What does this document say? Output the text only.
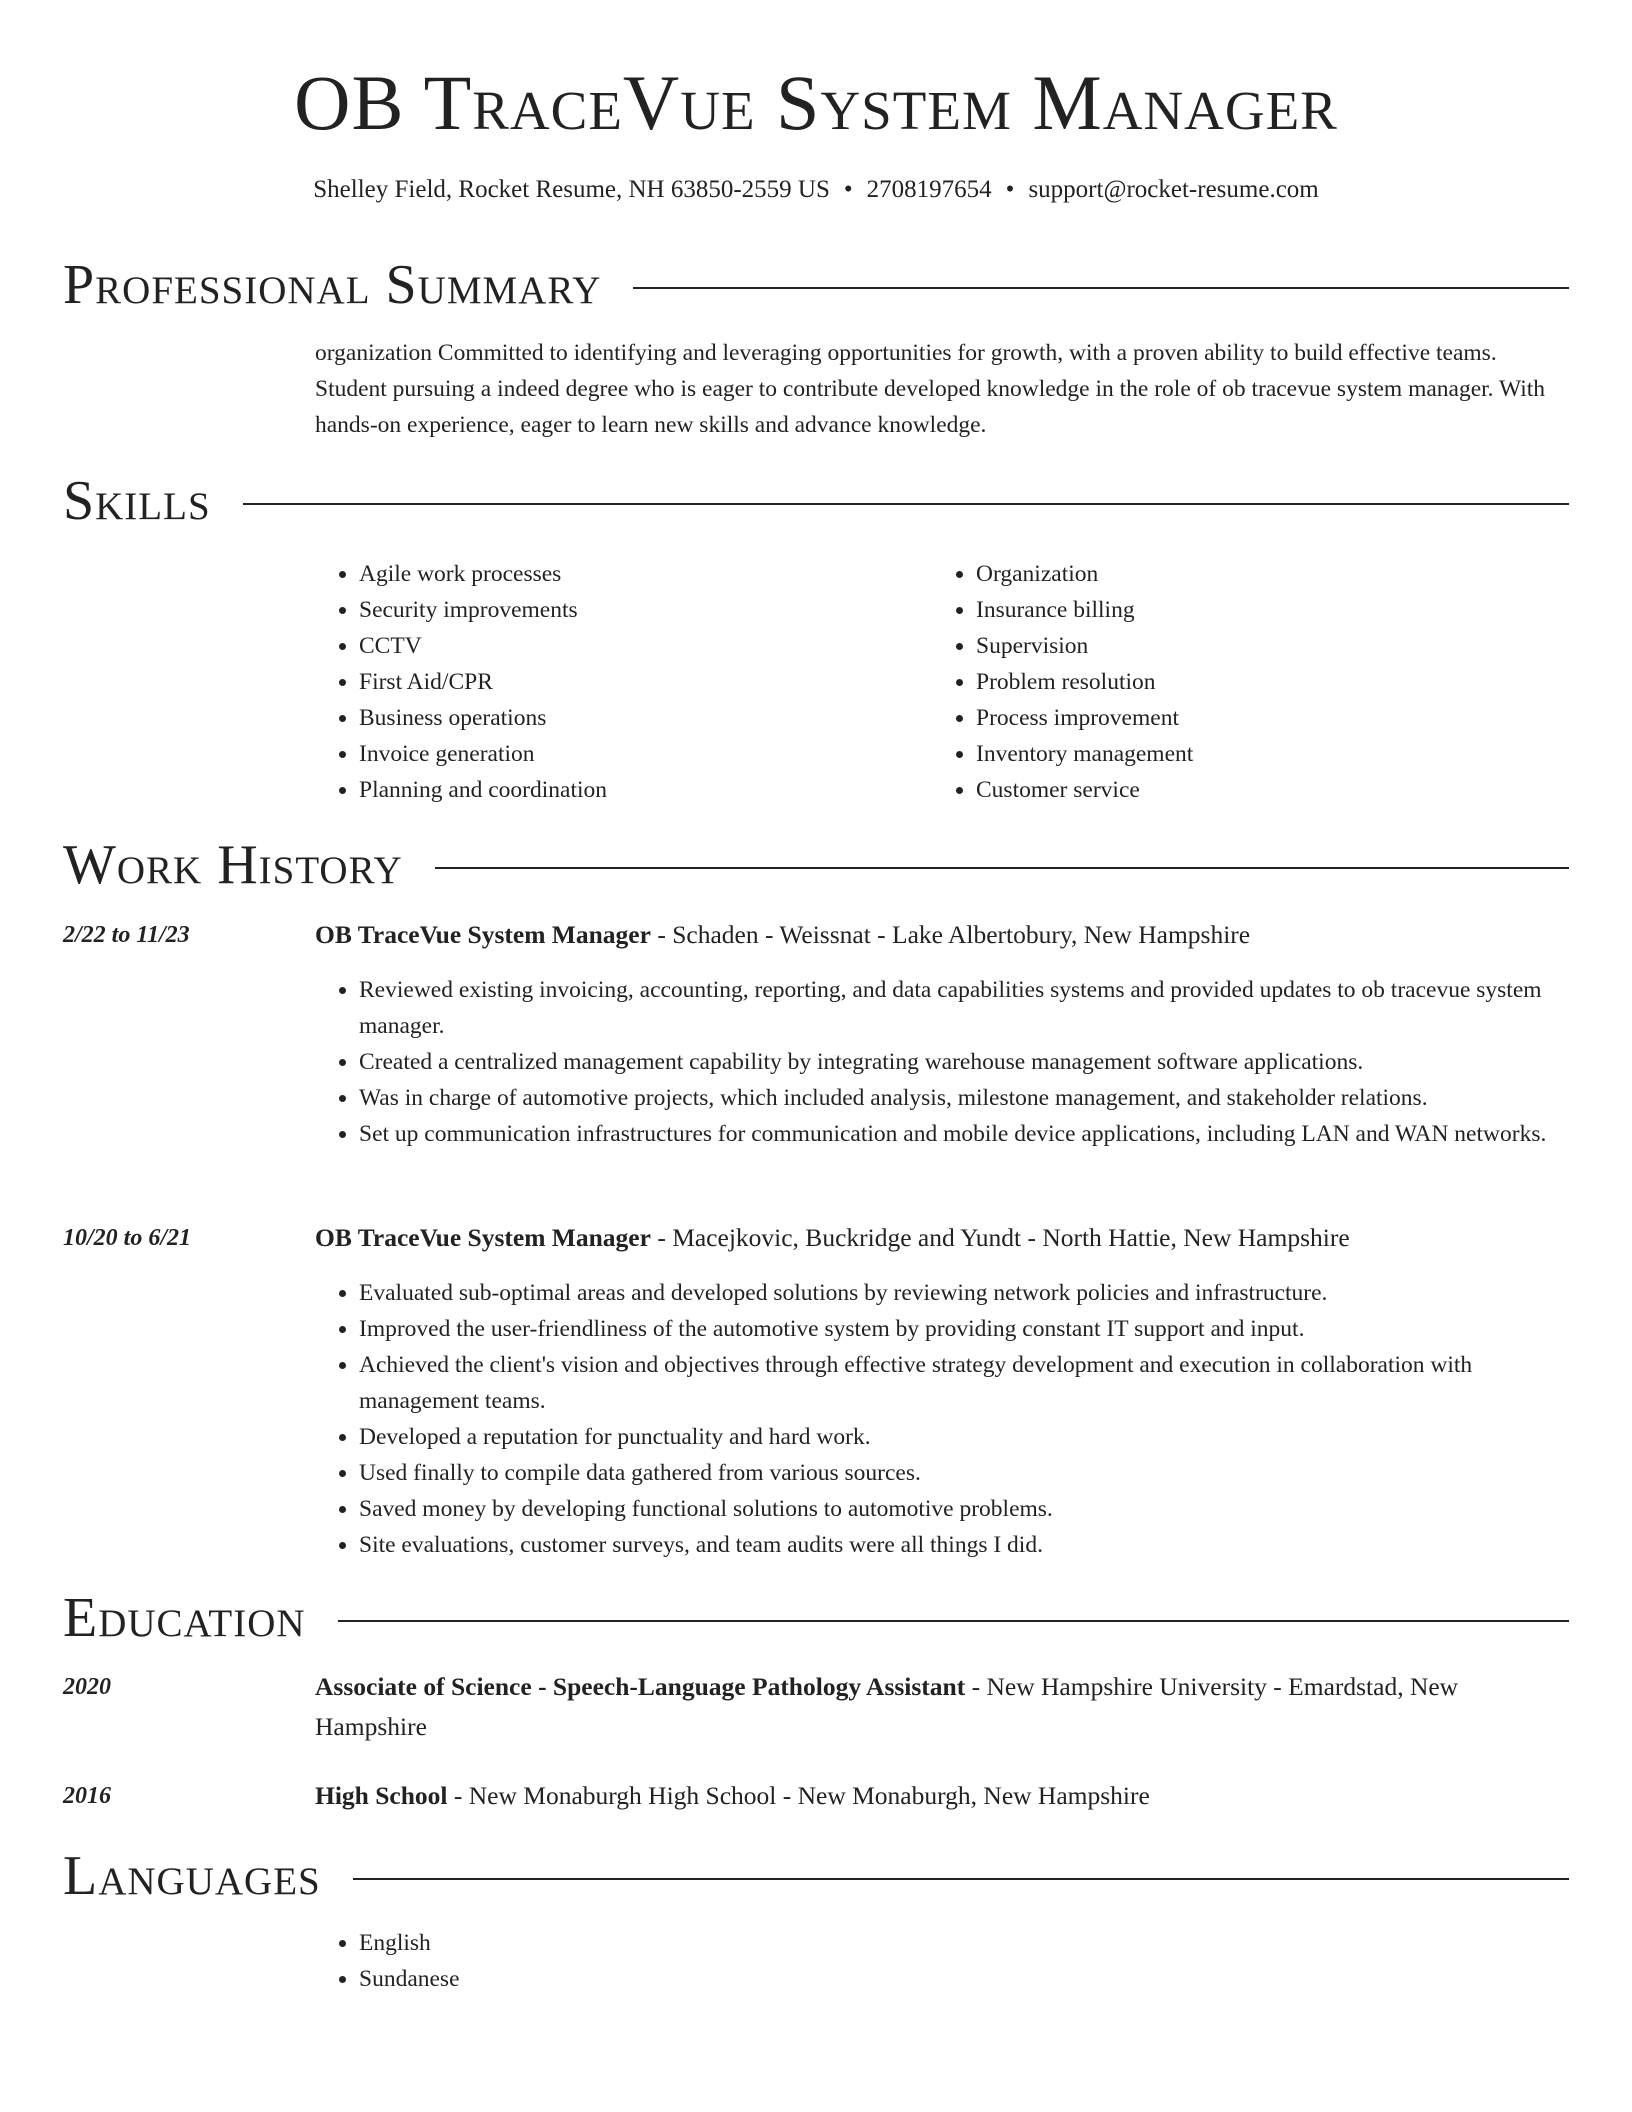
OB TraceVue System Manager
Shelley Field, Rocket Resume, NH 63850-2559 US • 2708197654 • support@rocket-resume.com
Professional Summary
organization Committed to identifying and leveraging opportunities for growth, with a proven ability to build effective teams. Student pursuing a indeed degree who is eager to contribute developed knowledge in the role of ob tracevue system manager. With hands-on experience, eager to learn new skills and advance knowledge.
Skills
• Agile work processes
• Security improvements
• CCTV
• First Aid/CPR
• Business operations
• Invoice generation
• Planning and coordination
• Organization
• Insurance billing
• Supervision
• Problem resolution
• Process improvement
• Inventory management
• Customer service
Work History
2/22 to 11/23	OB TraceVue System Manager - Schaden - Weissnat - Lake Albertobury, New Hampshire
• Reviewed existing invoicing, accounting, reporting, and data capabilities systems and provided updates to ob tracevue system manager.
• Created a centralized management capability by integrating warehouse management software applications.
• Was in charge of automotive projects, which included analysis, milestone management, and stakeholder relations.
• Set up communication infrastructures for communication and mobile device applications, including LAN and WAN networks.
10/20 to 6/21	OB TraceVue System Manager - Macejkovic, Buckridge and Yundt - North Hattie, New Hampshire
• Evaluated sub-optimal areas and developed solutions by reviewing network policies and infrastructure.
• Improved the user-friendliness of the automotive system by providing constant IT support and input.
• Achieved the client's vision and objectives through effective strategy development and execution in collaboration with management teams.
• Developed a reputation for punctuality and hard work.
• Used finally to compile data gathered from various sources.
• Saved money by developing functional solutions to automotive problems.
• Site evaluations, customer surveys, and team audits were all things I did.
Education
2020	Associate of Science - Speech-Language Pathology Assistant - New Hampshire University - Emardstad, New Hampshire
2016	High School - New Monaburgh High School - New Monaburgh, New Hampshire
Languages
• English
• Sundanese
